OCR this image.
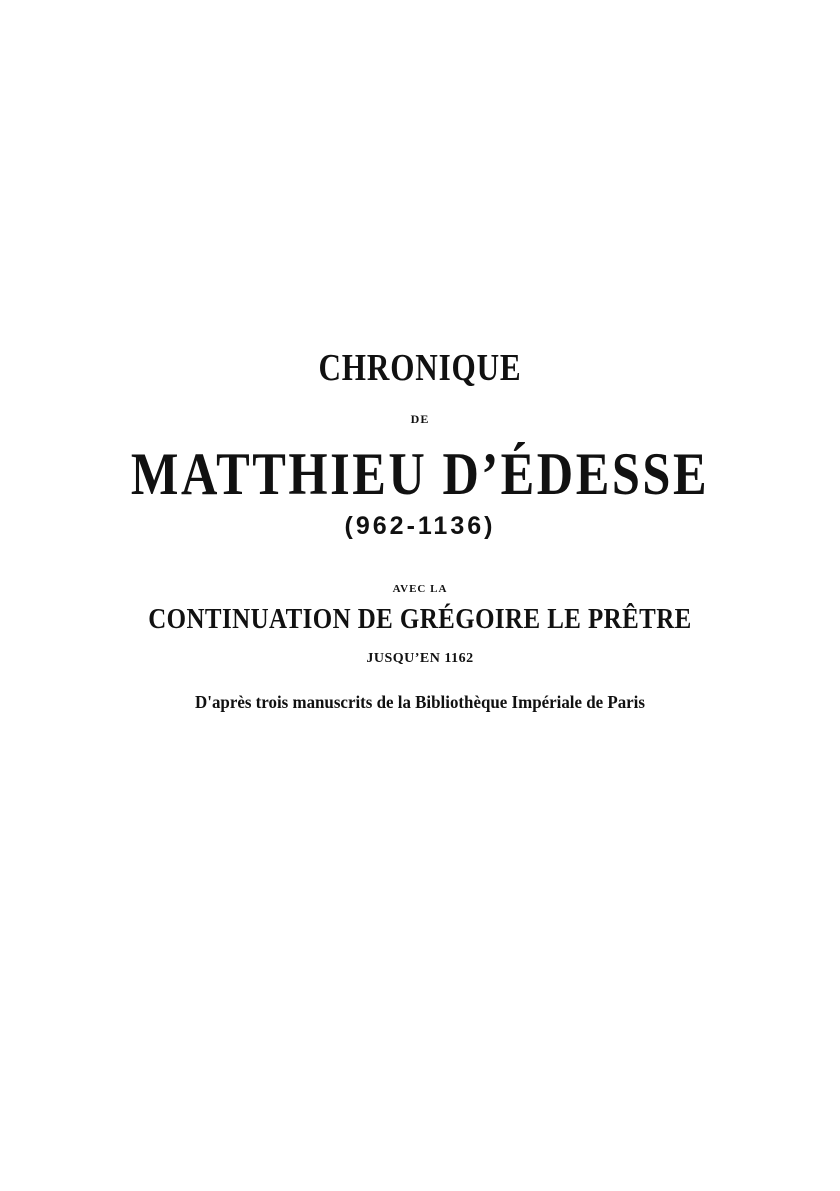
CHRONIQUE
DE
MATTHIEU D’ÉDESSE
(962-1136)
AVEC LA
CONTINUATION DE GRÉGOIRE LE PRÊTRE
JUSQU’EN 1162
D'après trois manuscrits de la Bibliothèque Impériale de Paris
